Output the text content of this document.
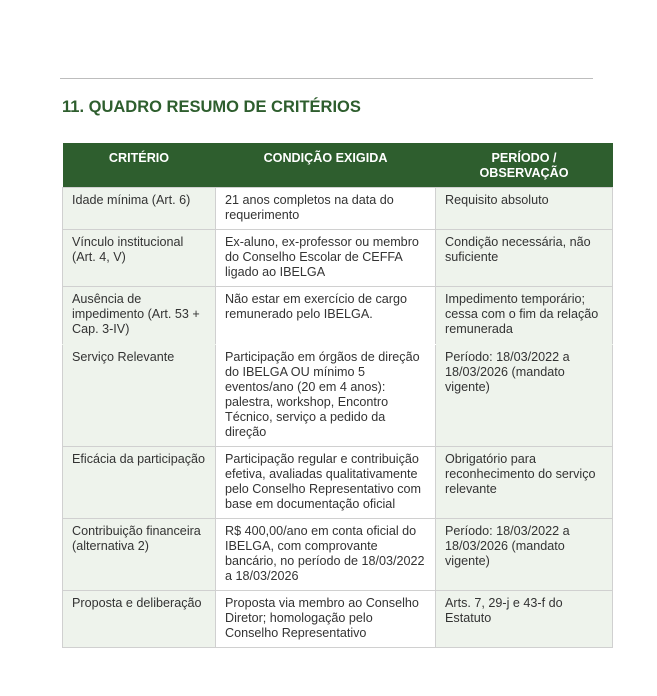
11. QUADRO RESUMO DE CRITÉRIOS
CRITÉRIO	CONDIÇÃO EXIGIDA	PERÍODO / OBSERVAÇÃO
Idade mínima (Art. 6)	21 anos completos na data do requerimento	Requisito absoluto
Vínculo institucional (Art. 4, V)	Ex-aluno, ex-professor ou membro do Conselho Escolar de CEFFA ligado ao IBELGA	Condição necessária, não suficiente
Ausência de impedimento (Art. 53 + Cap. 3-IV)	Não estar em exercício de cargo remunerado pelo IBELGA.	Impedimento temporário; cessa com o fim da relação remunerada
Serviço Relevante	Participação em órgãos de direção do IBELGA OU mínimo 5 eventos/ano (20 em 4 anos): palestra, workshop, Encontro Técnico, serviço a pedido da direção	Período: 18/03/2022 a 18/03/2026 (mandato vigente)
Eficácia da participação	Participação regular e contribuição efetiva, avaliadas qualitativamente pelo Conselho Representativo com base em documentação oficial	Obrigatório para reconhecimento do serviço relevante
Contribuição financeira (alternativa 2)	R$ 400,00/ano em conta oficial do IBELGA, com comprovante bancário, no período de 18/03/2022 a 18/03/2026	Período: 18/03/2022 a 18/03/2026 (mandato vigente)
Proposta e deliberação	Proposta via membro ao Conselho Diretor; homologação pelo Conselho Representativo	Arts. 7, 29-j e 43-f do Estatuto
